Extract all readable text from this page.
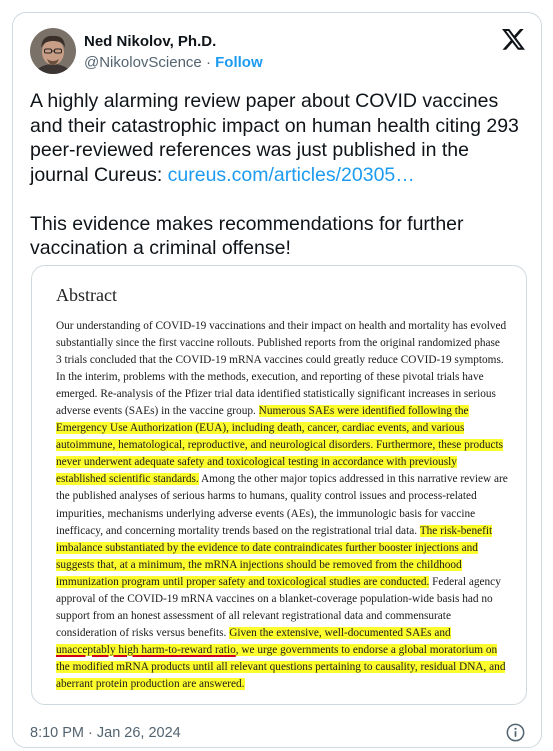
Ned Nikolov, Ph.D.
@NikolovScience · Follow
A highly alarming review paper about COVID vaccines and their catastrophic impact on human health citing 293 peer-reviewed references was just published in the journal Cureus: cureus.com/articles/20305…
This evidence makes recommendations for further vaccination a criminal offense!
Abstract
Our understanding of COVID-19 vaccinations and their impact on health and mortality has evolved substantially since the first vaccine rollouts. Published reports from the original randomized phase 3 trials concluded that the COVID-19 mRNA vaccines could greatly reduce COVID-19 symptoms. In the interim, problems with the methods, execution, and reporting of these pivotal trials have emerged. Re-analysis of the Pfizer trial data identified statistically significant increases in serious adverse events (SAEs) in the vaccine group. Numerous SAEs were identified following the Emergency Use Authorization (EUA), including death, cancer, cardiac events, and various autoimmune, hematological, reproductive, and neurological disorders. Furthermore, these products never underwent adequate safety and toxicological testing in accordance with previously established scientific standards. Among the other major topics addressed in this narrative review are the published analyses of serious harms to humans, quality control issues and process-related impurities, mechanisms underlying adverse events (AEs), the immunologic basis for vaccine inefficacy, and concerning mortality trends based on the registrational trial data. The risk-benefit imbalance substantiated by the evidence to date contraindicates further booster injections and suggests that, at a minimum, the mRNA injections should be removed from the childhood immunization program until proper safety and toxicological studies are conducted. Federal agency approval of the COVID-19 mRNA vaccines on a blanket-coverage population-wide basis had no support from an honest assessment of all relevant registrational data and commensurate consideration of risks versus benefits. Given the extensive, well-documented SAEs and unacceptably high harm-to-reward ratio, we urge governments to endorse a global moratorium on the modified mRNA products until all relevant questions pertaining to causality, residual DNA, and aberrant protein production are answered.
8:10 PM · Jan 26, 2024
